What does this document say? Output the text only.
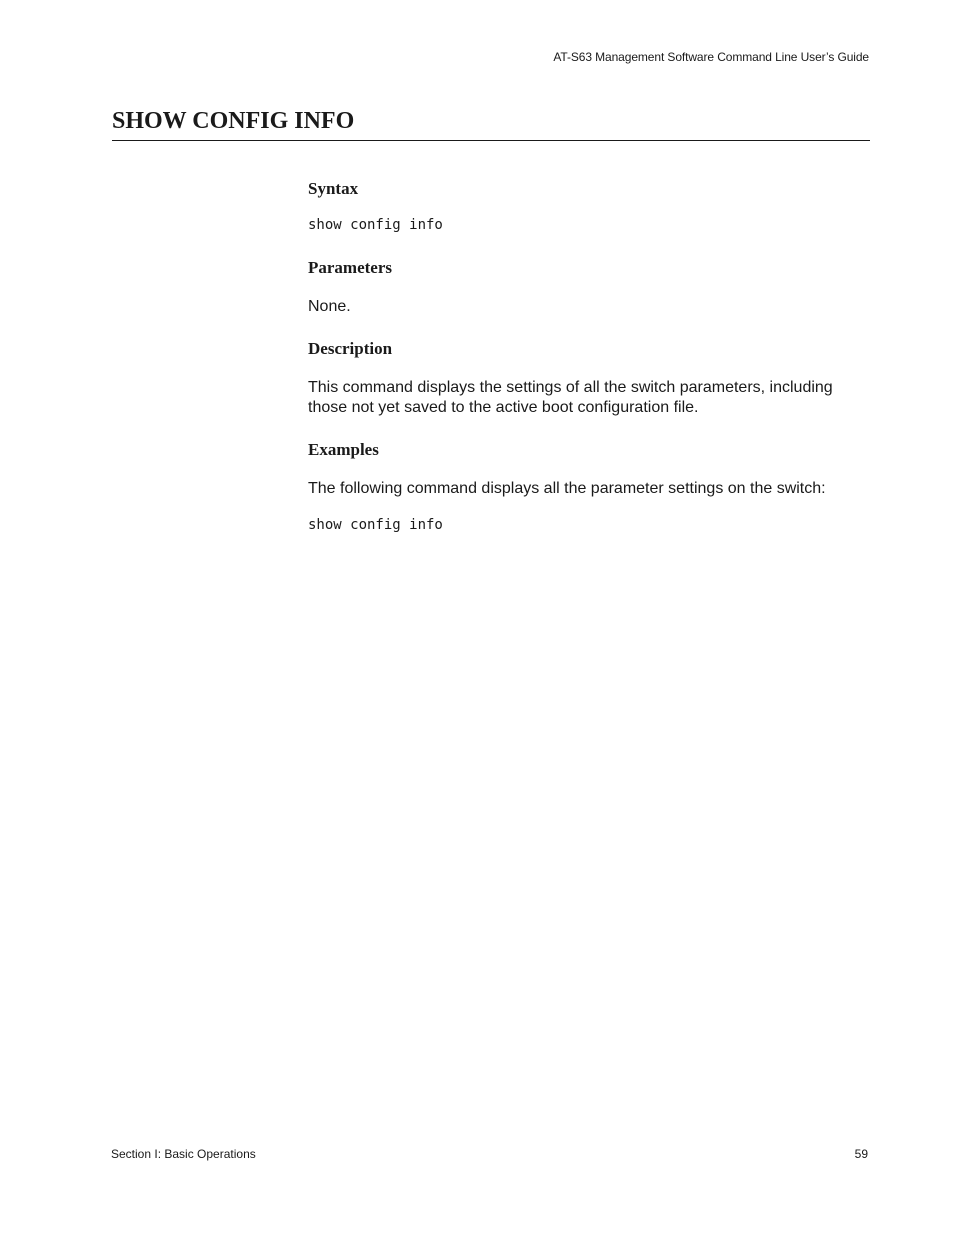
AT-S63 Management Software Command Line User’s Guide
SHOW CONFIG INFO
Syntax
show config info
Parameters

None.

Description

This command displays the settings of all the switch parameters, including
those not yet saved to the active boot configuration file.

Examples

The following command displays all the parameter settings on the switch:

show config info
Section I: Basic Operations	59
